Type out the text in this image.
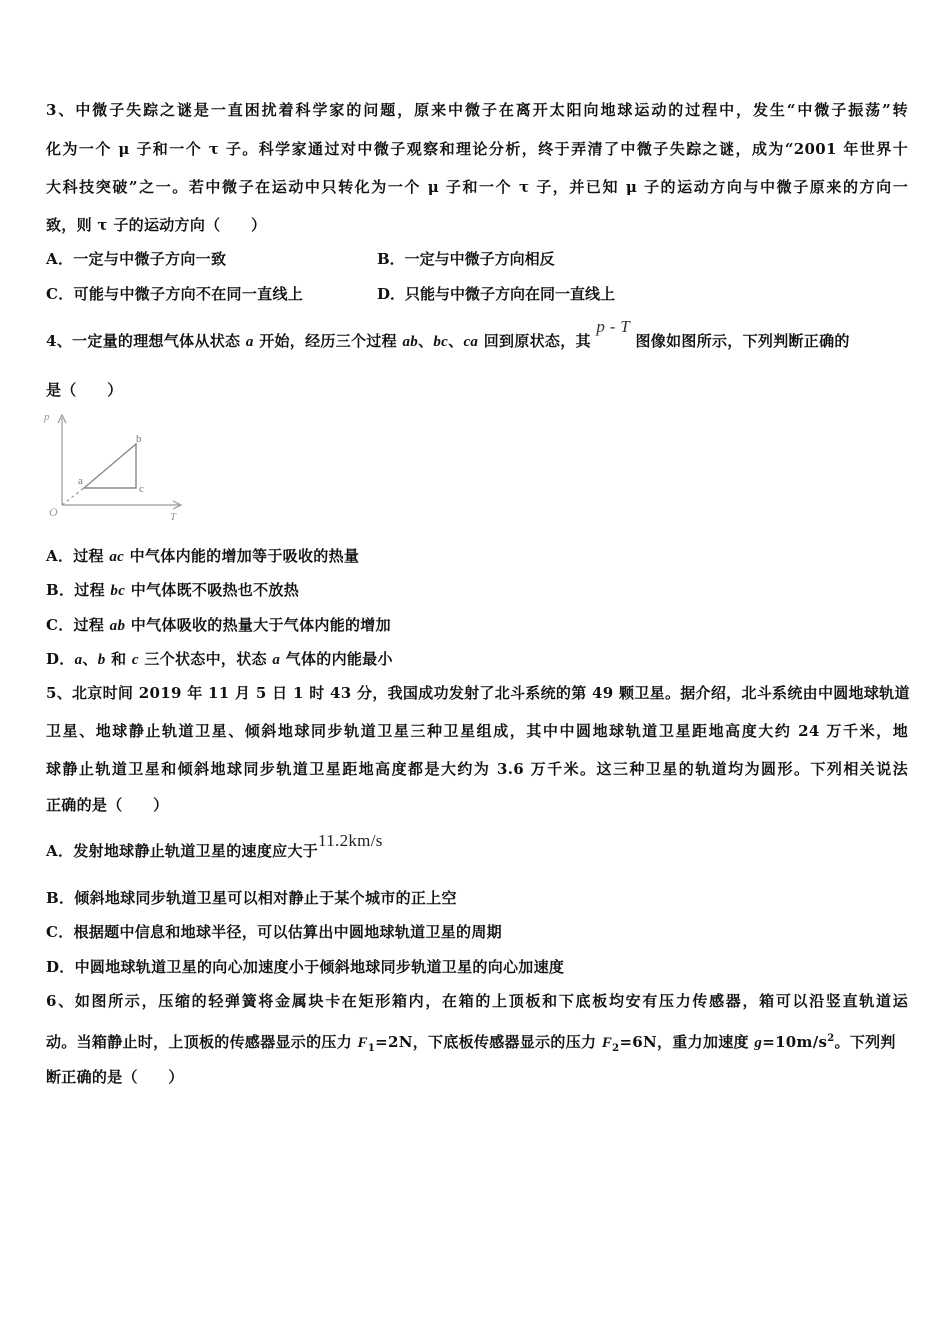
3、中微子失踪之谜是一直困扰着科学家的问题，原来中微子在离开太阳向地球运动的过程中，发生“中微子振荡”转
化为一个 μ 子和一个 τ 子。科学家通过对中微子观察和理论分析，终于弄清了中微子失踪之谜，成为“2001 年世界十
大科技突破”之一。若中微子在运动中只转化为一个 μ 子和一个 τ 子，并已知 μ 子的运动方向与中微子原来的方向一
致，则 τ 子的运动方向（　　）
A．一定与中微子方向一致	B．一定与中微子方向相反
C．可能与中微子方向不在同一直线上	D．只能与中微子方向在同一直线上
4、一定量的理想气体从状态 a 开始，经历三个过程 ab、bc、ca 回到原状态，其 p - T 图像如图所示，下列判断正确的
是（　　）
p
T
O
a
b
c
A．过程 ac 中气体内能的增加等于吸收的热量
B．过程 bc 中气体既不吸热也不放热
C．过程 ab 中气体吸收的热量大于气体内能的增加
D．a、b 和 c 三个状态中，状态 a 气体的内能最小
5、北京时间 2019 年 11 月 5 日 1 时 43 分，我国成功发射了北斗系统的第 49 颗卫星。据介绍，北斗系统由中圆地球轨道
卫星、地球静止轨道卫星、倾斜地球同步轨道卫星三种卫星组成，其中中圆地球轨道卫星距地高度大约 24 万千米，地
球静止轨道卫星和倾斜地球同步轨道卫星距地高度都是大约为 3.6 万千米。这三种卫星的轨道均为圆形。下列相关说法
正确的是（　　）
A．发射地球静止轨道卫星的速度应大于11.2km/s
B．倾斜地球同步轨道卫星可以相对静止于某个城市的正上空
C．根据题中信息和地球半径，可以估算出中圆地球轨道卫星的周期
D．中圆地球轨道卫星的向心加速度小于倾斜地球同步轨道卫星的向心加速度
6、如图所示，压缩的轻弹簧将金属块卡在矩形箱内，在箱的上顶板和下底板均安有压力传感器，箱可以沿竖直轨道运
动。当箱静止时，上顶板的传感器显示的压力 $F_1=2N$，下底板传感器显示的压力 $F_2=6N$，重力加速度 $g=10m/s^2$。下列判
断正确的是（　　）
